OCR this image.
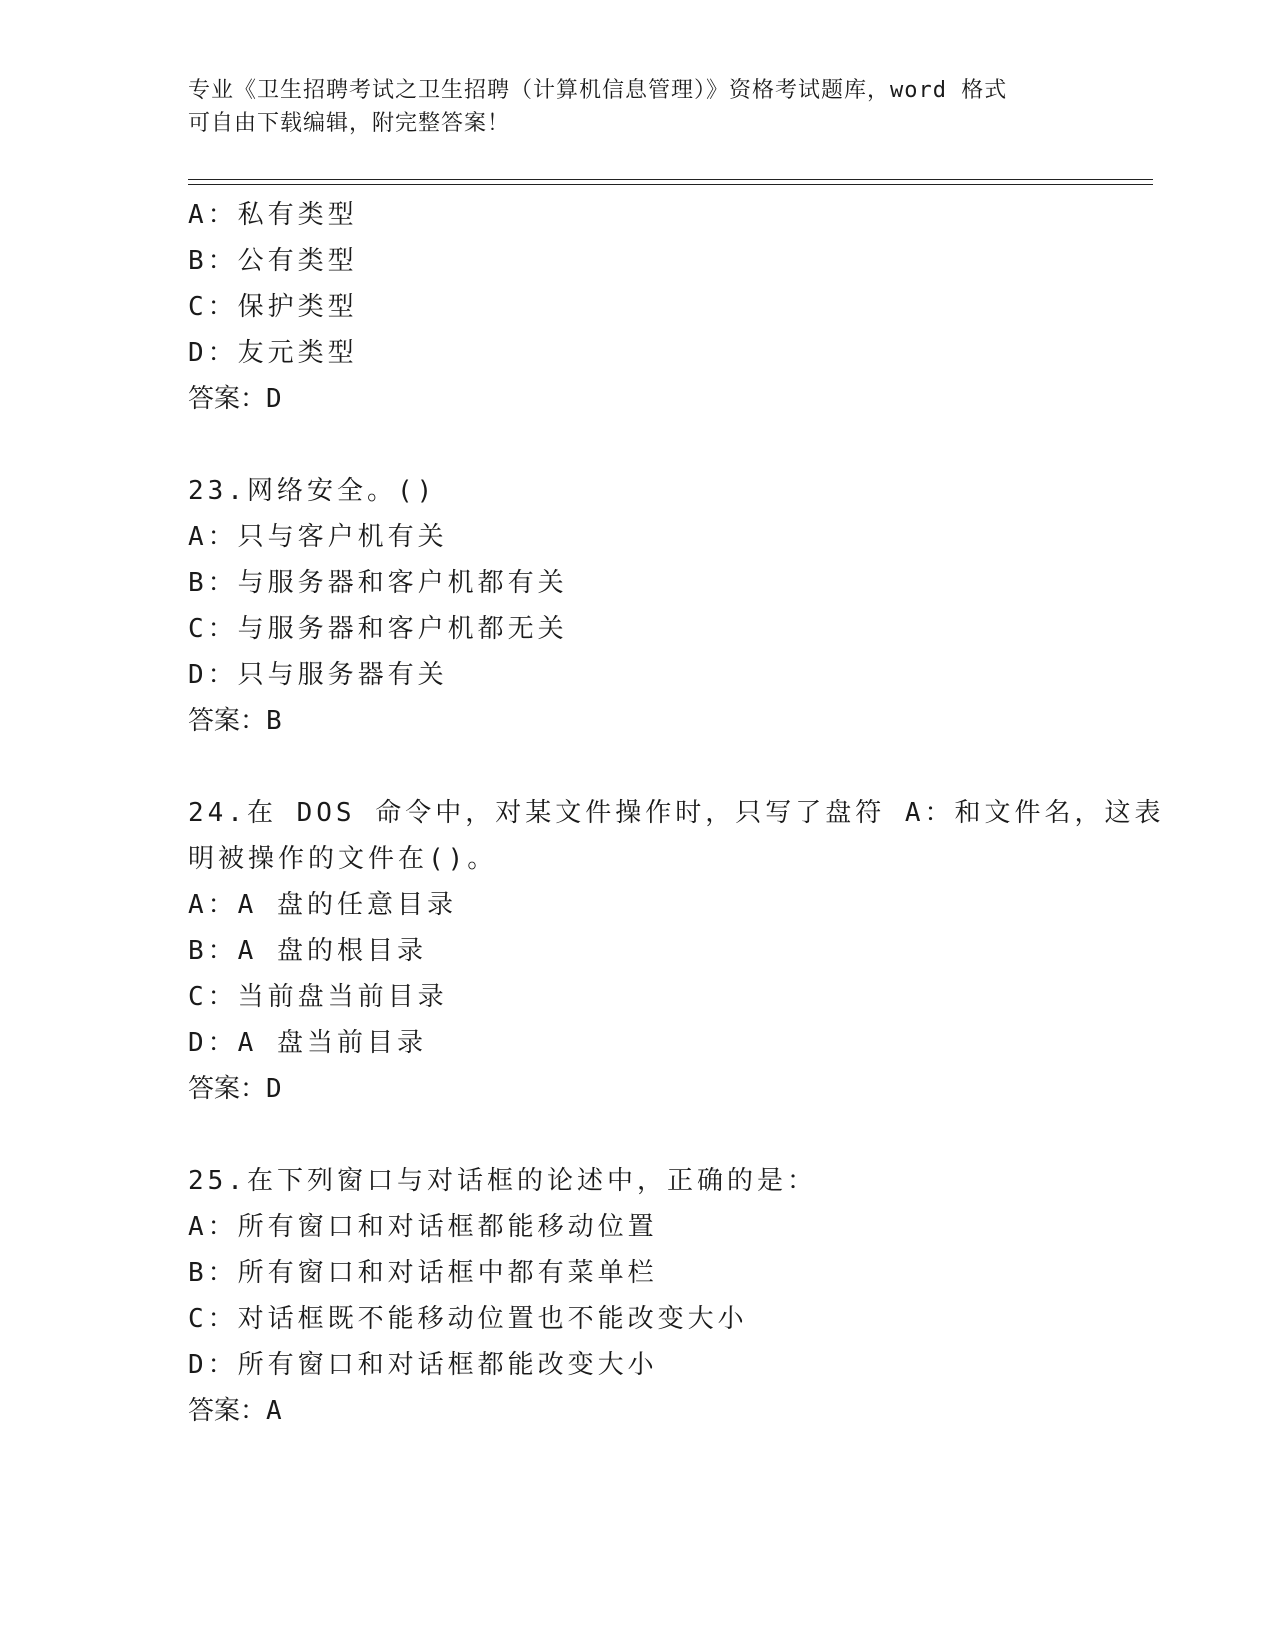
专业《卫生招聘考试之卫生招聘（计算机信息管理）》资格考试题库，word 格式
可自由下载编辑，附完整答案！
A：私有类型
B：公有类型
C：保护类型
D：友元类型
答案：D
23.网络安全。()
A：只与客户机有关
B：与服务器和客户机都有关
C：与服务器和客户机都无关
D：只与服务器有关
答案：B
24.在 DOS 命令中，对某文件操作时，只写了盘符 A：和文件名，这表
明被操作的文件在()。
A：A 盘的任意目录
B：A 盘的根目录
C：当前盘当前目录
D：A 盘当前目录
答案：D
25.在下列窗口与对话框的论述中，正确的是：
A：所有窗口和对话框都能移动位置
B：所有窗口和对话框中都有菜单栏
C：对话框既不能移动位置也不能改变大小
D：所有窗口和对话框都能改变大小
答案：A
